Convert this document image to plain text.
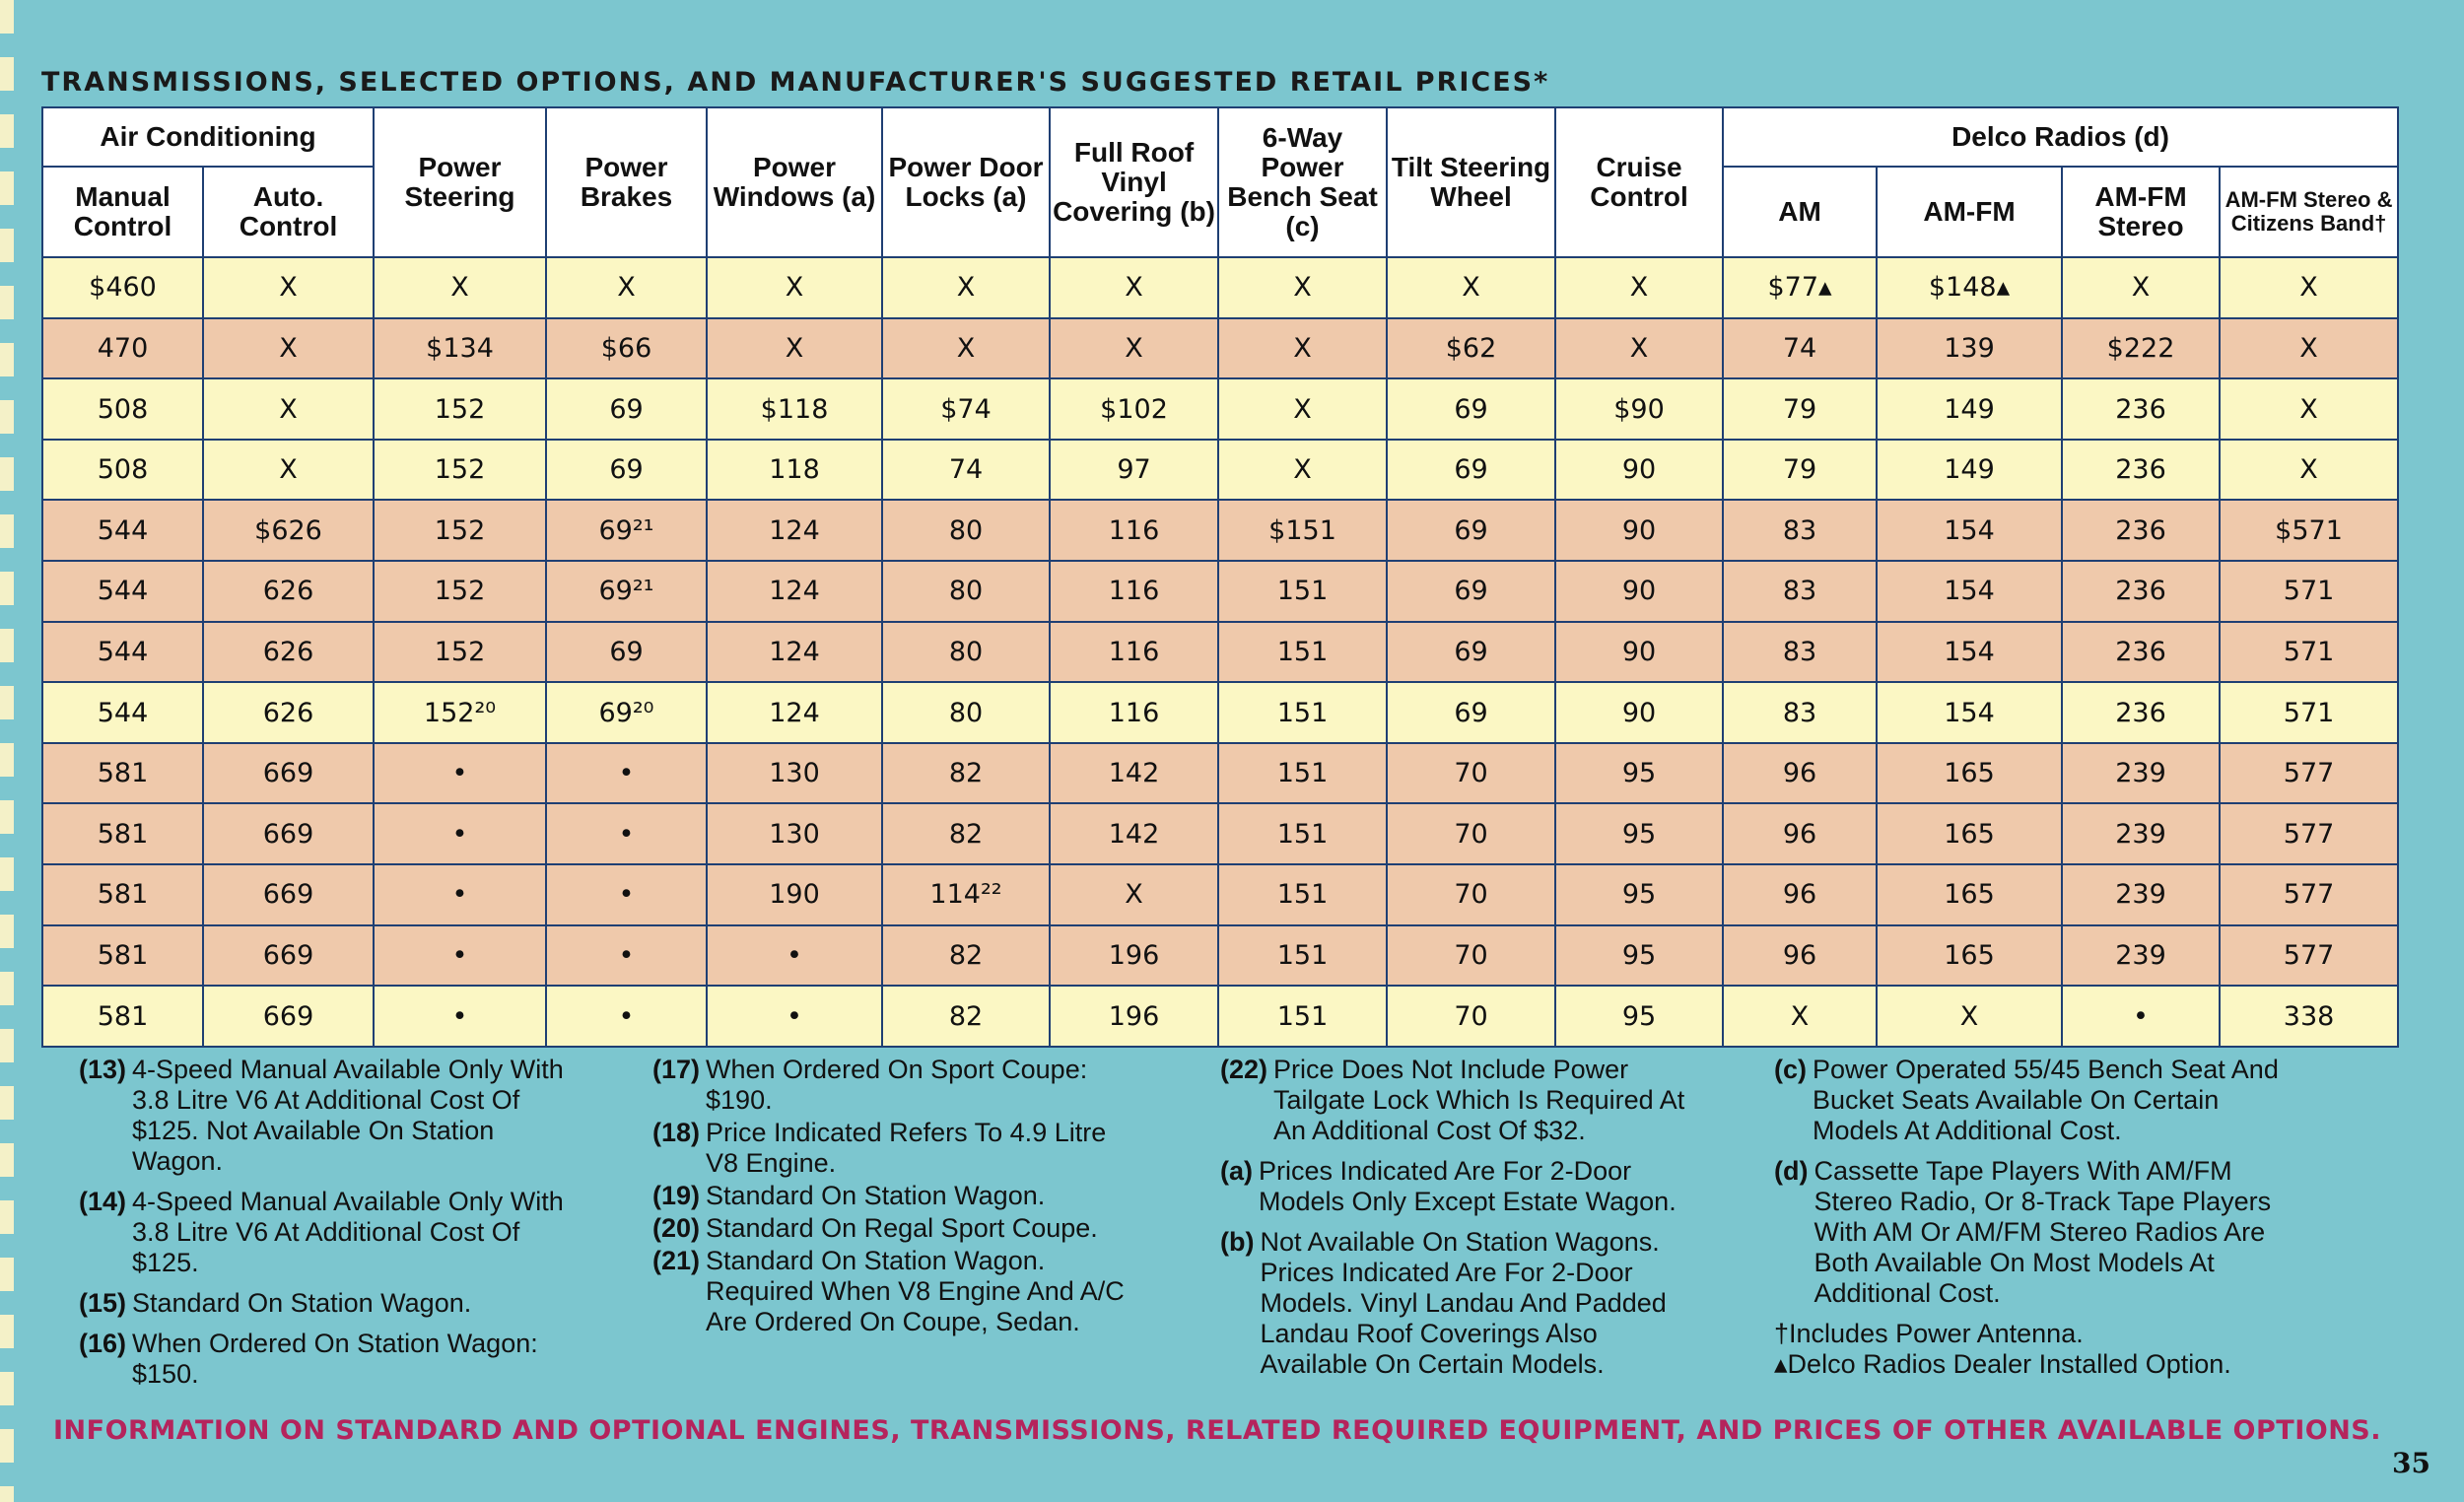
TRANSMISSIONS, SELECTED OPTIONS, AND MANUFACTURER'S SUGGESTED RETAIL PRICES*
Air Conditioning		Power Steering	Power Brakes	Power Windows (a)	Power Door Locks (a)	Full Roof Vinyl Covering (b)	6-Way Power Bench Seat (c)	Tilt Steering Wheel	Cruise Control	Delco Radios (d)			
Manual Control	Auto. Control									AM	AM-FM	AM-FM Stereo	AM-FM Stereo & Citizens Band†
$460	X	X	X	X	X	X	X	X	X	$77▴	$148▴	X	X
470	X	$134	$66	X	X	X	X	$62	X	74	139	$222	X
508	X	152	69	$118	$74	$102	X	69	$90	79	149	236	X
508	X	152	69	118	74	97	X	69	90	79	149	236	X
544	$626	152	69²¹	124	80	116	$151	69	90	83	154	236	$571
544	626	152	69²¹	124	80	116	151	69	90	83	154	236	571
544	626	152	69	124	80	116	151	69	90	83	154	236	571
544	626	152²⁰	69²⁰	124	80	116	151	69	90	83	154	236	571
581	669	•	•	130	82	142	151	70	95	96	165	239	577
581	669	•	•	130	82	142	151	70	95	96	165	239	577
581	669	•	•	190	114²²	X	151	70	95	96	165	239	577
581	669	•	•	•	82	196	151	70	95	96	165	239	577
581	669	•	•	•	82	196	151	70	95	X	X	•	338
(13) 4-Speed Manual Available Only With 3.8 Litre V6 At Additional Cost Of $125. Not Available On Station Wagon.
(14) 4-Speed Manual Available Only With 3.8 Litre V6 At Additional Cost Of $125.
(15) Standard On Station Wagon.
(16) When Ordered On Station Wagon: $150.
(17) When Ordered On Sport Coupe: $190.
(18) Price Indicated Refers To 4.9 Litre V8 Engine.
(19) Standard On Station Wagon.
(20) Standard On Regal Sport Coupe.
(21) Standard On Station Wagon. Required When V8 Engine And A/C Are Ordered On Coupe, Sedan.
(22) Price Does Not Include Power Tailgate Lock Which Is Required At An Additional Cost Of $32.
(a) Prices Indicated Are For 2-Door Models Only Except Estate Wagon.
(b) Not Available On Station Wagons. Prices Indicated Are For 2-Door Models. Vinyl Landau And Padded Landau Roof Coverings Also Available On Certain Models.
(c) Power Operated 55/45 Bench Seat And Bucket Seats Available On Certain Models At Additional Cost.
(d) Cassette Tape Players With AM/FM Stereo Radio, Or 8-Track Tape Players With AM Or AM/FM Stereo Radios Are Both Available On Most Models At Additional Cost.
†Includes Power Antenna.
▴Delco Radios Dealer Installed Option.
INFORMATION ON STANDARD AND OPTIONAL ENGINES, TRANSMISSIONS, RELATED REQUIRED EQUIPMENT, AND PRICES OF OTHER AVAILABLE OPTIONS.
35
